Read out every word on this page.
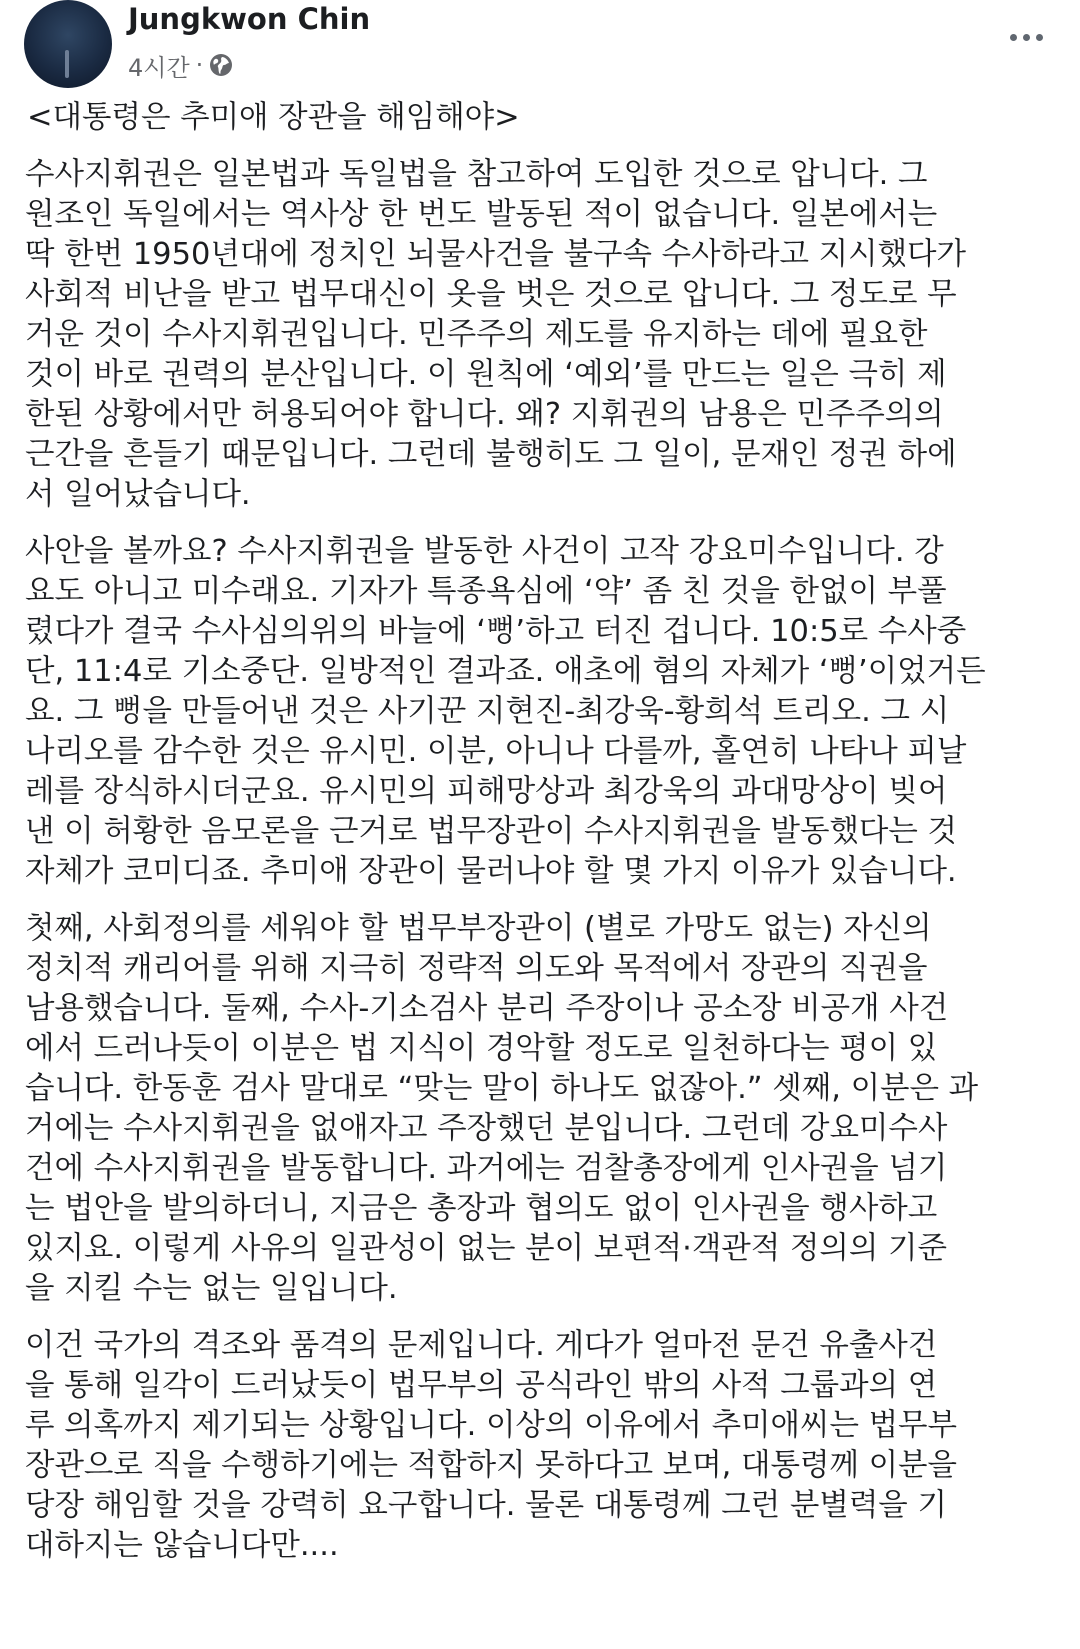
Jungkwon Chin
4시간 ·
<대통령은 추미애 장관을 해임해야>
수사지휘권은 일본법과 독일법을 참고하여 도입한 것으로 압니다. 그
원조인 독일에서는 역사상 한 번도 발동된 적이 없습니다. 일본에서는
딱 한번 1950년대에 정치인 뇌물사건을 불구속 수사하라고 지시했다가
사회적 비난을 받고 법무대신이 옷을 벗은 것으로 압니다. 그 정도로 무
거운 것이 수사지휘권입니다. 민주주의 제도를 유지하는 데에 필요한
것이 바로 권력의 분산입니다. 이 원칙에 ‘예외’를 만드는 일은 극히 제
한된 상황에서만 허용되어야 합니다. 왜? 지휘권의 남용은 민주주의의
근간을 흔들기 때문입니다. 그런데 불행히도 그 일이, 문재인 정권 하에
서 일어났습니다.
사안을 볼까요? 수사지휘권을 발동한 사건이 고작 강요미수입니다. 강
요도 아니고 미수래요. 기자가 특종욕심에 ‘약’ 좀 친 것을 한없이 부풀
렸다가 결국 수사심의위의 바늘에 ‘뻥’하고 터진 겁니다. 10:5로 수사중
단, 11:4로 기소중단. 일방적인 결과죠. 애초에 혐의 자체가 ‘뻥’이었거든
요. 그 뻥을 만들어낸 것은 사기꾼 지현진-최강욱-황희석 트리오. 그 시
나리오를 감수한 것은 유시민. 이분, 아니나 다를까, 홀연히 나타나 피날
레를 장식하시더군요. 유시민의 피해망상과 최강욱의 과대망상이 빚어
낸 이 허황한 음모론을 근거로 법무장관이 수사지휘권을 발동했다는 것
자체가 코미디죠. 추미애 장관이 물러나야 할 몇 가지 이유가 있습니다.
첫째, 사회정의를 세워야 할 법무부장관이 (별로 가망도 없는) 자신의
정치적 캐리어를 위해 지극히 정략적 의도와 목적에서 장관의 직권을
남용했습니다. 둘째, 수사-기소검사 분리 주장이나 공소장 비공개 사건
에서 드러나듯이 이분은 법 지식이 경악할 정도로 일천하다는 평이 있
습니다. 한동훈 검사 말대로 “맞는 말이 하나도 없잖아.” 셋째, 이분은 과
거에는 수사지휘권을 없애자고 주장했던 분입니다. 그런데 강요미수사
건에 수사지휘권을 발동합니다. 과거에는 검찰총장에게 인사권을 넘기
는 법안을 발의하더니, 지금은 총장과 협의도 없이 인사권을 행사하고
있지요. 이렇게 사유의 일관성이 없는 분이 보편적·객관적 정의의 기준
을 지킬 수는 없는 일입니다.
이건 국가의 격조와 품격의 문제입니다. 게다가 얼마전 문건 유출사건
을 통해 일각이 드러났듯이 법무부의 공식라인 밖의 사적 그룹과의 연
루 의혹까지 제기되는 상황입니다. 이상의 이유에서 추미애씨는 법무부
장관으로 직을 수행하기에는 적합하지 못하다고 보며, 대통령께 이분을
당장 해임할 것을 강력히 요구합니다. 물론 대통령께 그런 분별력을 기
대하지는 않습니다만....
